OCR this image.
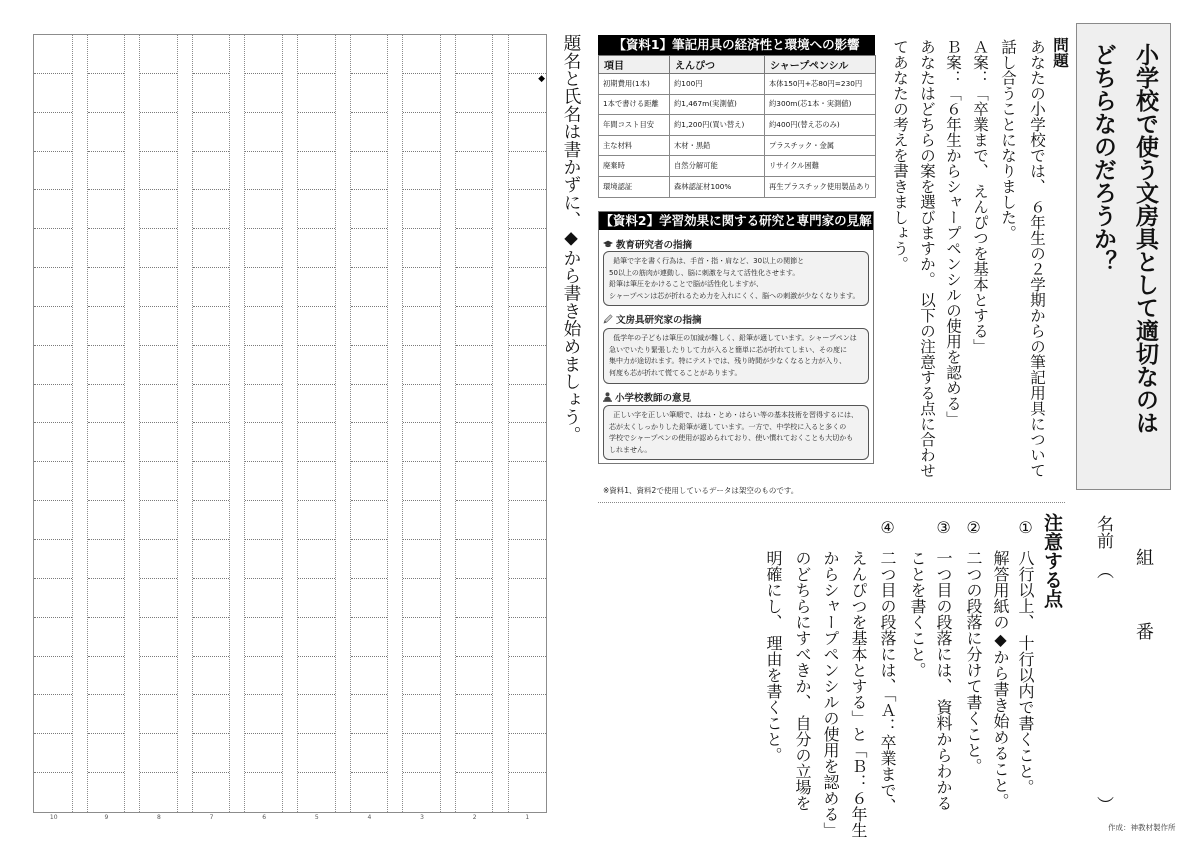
◆
10	9	8	7	6	5	4	3	2	1
題名と氏名は書かずに、◆から書き始めましょう。	【資料1】筆記用具の経済性と環境への影響
項目	えんぴつ	シャープペンシル
初期費用(1本)	約100円	本体150円+芯80円=230円
1本で書ける距離	約1,467m(実測値)	約300m(芯1本・実測値)
年間コスト目安	約1,200円(買い替え)	約400円(替え芯のみ)
主な材料	木材・黒鉛	プラスチック・金属
廃棄時	自然分解可能	リサイクル困難
環境認証	森林認証材100%	再生プラスチック使用製品あり
【資料2】学習効果に関する研究と専門家の見解
教育研究者の指摘
鉛筆で字を書く行為は、手首・指・肩など、30以上の関節と
50以上の筋肉が連動し、脳に刺激を与えて活性化させます。
鉛筆は筆圧をかけることで脳が活性化しますが、
シャープペンは芯が折れるため力を入れにくく、脳への刺激が少なくなります。
文房具研究家の指摘
低学年の子どもは筆圧の加減が難しく、鉛筆が適しています。シャープペンは
急いでいたり緊張したりして力が入ると簡単に芯が折れてしまい、その度に
集中力が途切れます。特にテストでは、残り時間が少なくなると力が入り、
何度も芯が折れて慌てることがあります。
小学校教師の意見
正しい字を正しい筆順で、はね・とめ・はらい等の基本技術を習得するには、
芯が太くしっかりした鉛筆が適しています。一方で、中学校に入ると多くの
学校でシャープペンの使用が認められており、使い慣れておくことも大切かも
しれません。
※資料1、資料2で使用しているデータは架空のものです。
問題
あなたの小学校では、 ６年生の２学期からの筆記用具について
話し合うことになりました。
Ａ案：「卒業まで、 えんぴつを基本とする」
Ｂ案：「６年生からシャープペンシルの使用を認める」
あなたはどちらの案を選びますか。 以下の注意する点に合わせ
てあなたの考えを書きましょう。	小学校で使う文房具として適切なのは
どちらなのだろうか？
注意する点
①
八行以上、 十行以内で書くこと。
解答用紙の◆から書き始めること。
②
二つの段落に分けて書くこと。
③
一つ目の段落には、 資料からわかる
ことを書くこと。
④
二つ目の段落には、「Ａ：卒業まで、
えんぴつを基本とする」と「Ｂ：６年生
からシャープペンシルの使用を認める」
のどちらにすべきか、 自分の立場を
明確にし、 理由を書くこと。	組
番
名前
（
）
作成：神教材製作所
